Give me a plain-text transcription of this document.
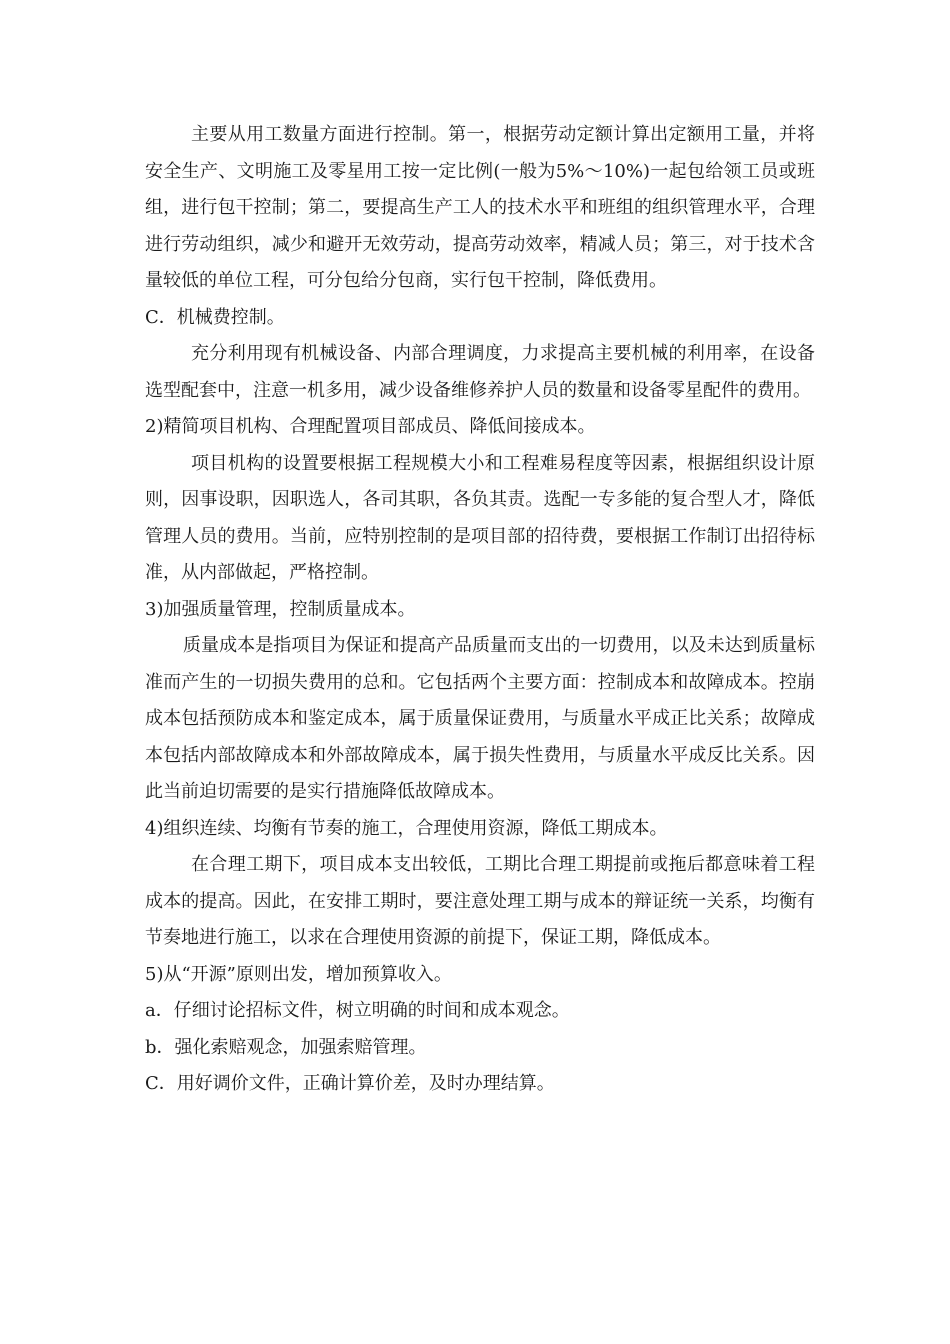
主要从用工数量方面进行控制。第一，根据劳动定额计算出定额用工量，并将安全生产、文明施工及零星用工按一定比例(一般为5%～10%)一起包给领工员或班组，进行包干控制；第二，要提高生产工人的技术水平和班组的组织管理水平，合理进行劳动组织，减少和避开无效劳动，提高劳动效率，精减人员；第三，对于技术含量较低的单位工程，可分包给分包商，实行包干控制，降低费用。

C．机械费控制。

充分利用现有机械设备、内部合理调度，力求提高主要机械的利用率，在设备选型配套中，注意一机多用，减少设备维修养护人员的数量和设备零星配件的费用。

2)精简项目机构、合理配置项目部成员、降低间接成本。

项目机构的设置要根据工程规模大小和工程难易程度等因素，根据组织设计原则，因事设职，因职选人，各司其职，各负其责。选配一专多能的复合型人才，降低管理人员的费用。当前，应特别控制的是项目部的招待费，要根据工作制订出招待标准，从内部做起，严格控制。

3)加强质量管理，控制质量成本。

质量成本是指项目为保证和提高产品质量而支出的一切费用，以及未达到质量标准而产生的一切损失费用的总和。它包括两个主要方面：控制成本和故障成本。控崩成本包括预防成本和鉴定成本，属于质量保证费用，与质量水平成正比关系；故障成本包括内部故障成本和外部故障成本，属于损失性费用，与质量水平成反比关系。因此当前迫切需要的是实行措施降低故障成本。

4)组织连续、均衡有节奏的施工，合理使用资源，降低工期成本。

在合理工期下，项目成本支出较低，工期比合理工期提前或拖后都意味着工程成本的提高。因此，在安排工期时，要注意处理工期与成本的辩证统一关系，均衡有节奏地进行施工，以求在合理使用资源的前提下，保证工期，降低成本。

5)从“开源”原则出发，增加预算收入。

a．仔细讨论招标文件，树立明确的时间和成本观念。

b．强化索赔观念，加强索赔管理。

C．用好调价文件，正确计算价差，及时办理结算。
